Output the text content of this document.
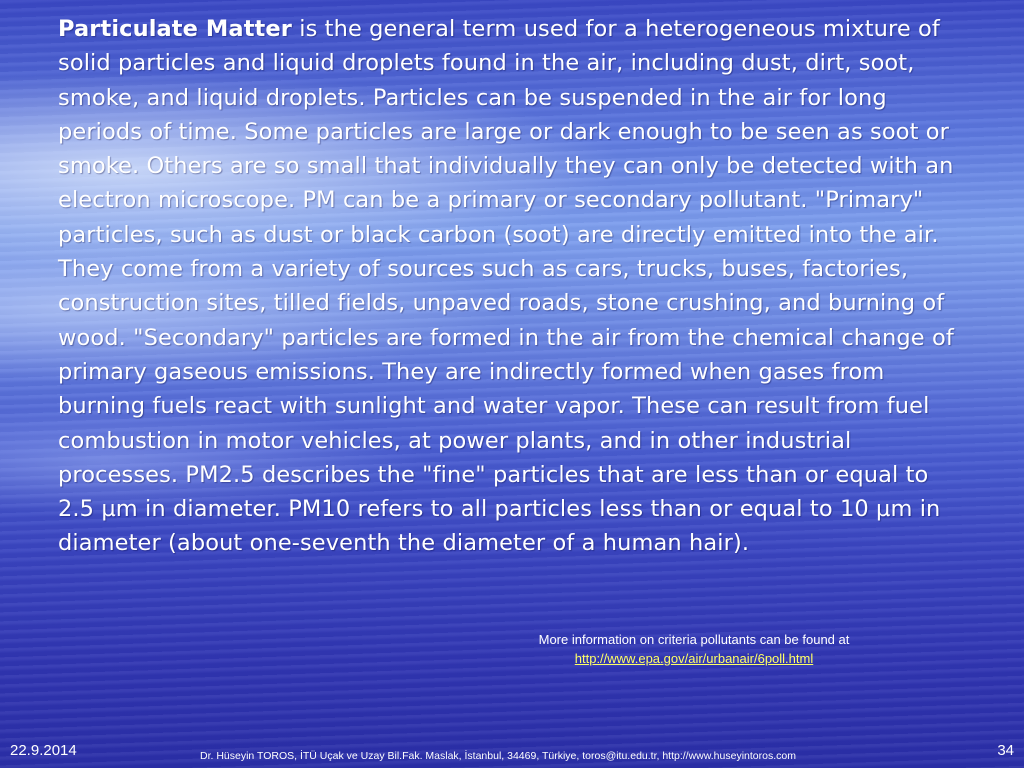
Particulate Matter is the general term used for a heterogeneous mixture of solid particles and liquid droplets found in the air, including dust, dirt, soot, smoke, and liquid droplets. Particles can be suspended in the air for long periods of time. Some particles are large or dark enough to be seen as soot or smoke. Others are so small that individually they can only be detected with an electron microscope. PM can be a primary or secondary pollutant. "Primary" particles, such as dust or black carbon (soot) are directly emitted into the air. They come from a variety of sources such as cars, trucks, buses, factories, construction sites, tilled fields, unpaved roads, stone crushing, and burning of wood. "Secondary" particles are formed in the air from the chemical change of primary gaseous emissions. They are indirectly formed when gases from burning fuels react with sunlight and water vapor. These can result from fuel combustion in motor vehicles, at power plants, and in other industrial processes. PM2.5 describes the "fine" particles that are less than or equal to 2.5 µm in diameter. PM10 refers to all particles less than or equal to 10 µm in diameter (about one-seventh the diameter of a human hair).
More information on criteria pollutants can be found at
http://www.epa.gov/air/urbanair/6poll.html
22.9.2014	Dr. Hüseyin TOROS, İTÜ Uçak ve Uzay Bil.Fak. Maslak, İstanbul, 34469, Türkiye, toros@itu.edu.tr, http://www.huseyintoros.com	34
